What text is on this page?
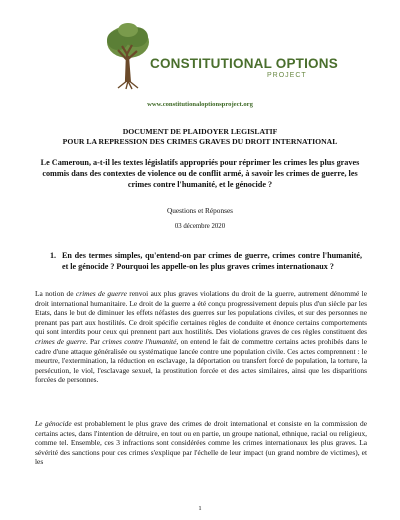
CONSTITUTIONAL OPTIONS
PROJECT
www.constitutionaloptionsproject.org
DOCUMENT DE PLAIDOYER LEGISLATIF
POUR LA REPRESSION DES CRIMES GRAVES DU DROIT INTERNATIONAL
Le Cameroun, a-t-il les textes législatifs appropriés pour réprimer les crimes les plus graves commis dans des contextes de violence ou de conflit armé, à savoir les crimes de guerre, les crimes contre l'humanité, et le génocide ?
Questions et Réponses
03 décembre 2020
1. En des termes simples, qu'entend-on par crimes de guerre, crimes contre l'humanité, et le génocide ? Pourquoi les appelle-on les plus graves crimes internationaux ?
La notion de crimes de guerre renvoi aux plus graves violations du droit de la guerre, autrement dénommé le droit international humanitaire. Le droit de la guerre a été conçu progressivement depuis plus d'un siècle par les Etats, dans le but de diminuer les effets néfastes des guerres sur les populations civiles, et sur des personnes ne prenant pas part aux hostilités. Ce droit spécifie certaines règles de conduite et énonce certains comportements qui sont interdits pour ceux qui prennent part aux hostilités. Des violations graves de ces règles constituent des crimes de guerre. Par crimes contre l'humanité, on entend le fait de commettre certains actes prohibés dans le cadre d'une attaque généralisée ou systématique lancée contre une population civile. Ces actes comprennent : le meurtre, l'extermination, la réduction en esclavage, la déportation ou transfert forcé de population, la torture, la persécution, le viol, l'esclavage sexuel, la prostitution forcée et des actes similaires, ainsi que les disparitions forcées de personnes.
Le génocide est probablement le plus grave des crimes de droit international et consiste en la commission de certains actes, dans l'intention de détruire, en tout ou en partie, un groupe national, ethnique, racial ou religieux, comme tel. Ensemble, ces 3 infractions sont considérées comme les crimes internationaux les plus graves. La sévérité des sanctions pour ces crimes s'explique par l'échelle de leur impact (un grand nombre de victimes), et les
1
